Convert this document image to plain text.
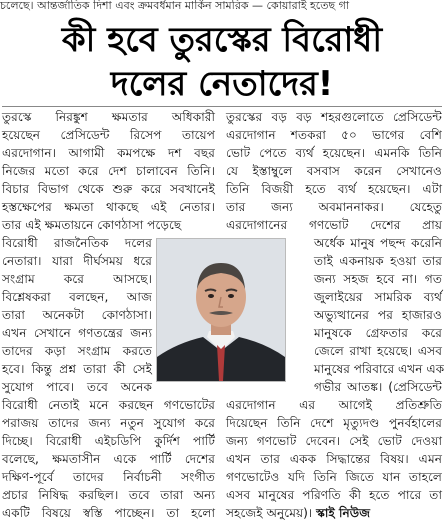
চলেছে। আন্তর্জাতিক দিশা এবং ক্রমবর্ধমান মার্কিন সামরিক — কোয়ারাই হতেছ গা
কী হবে তুরস্কের বিরোধী
দলের নেতাদের!
তুরস্কে নিরঙ্কুশ ক্ষমতার অধিকারী
হয়েছেন প্রেসিডেন্ট রিসেপ তায়েপ
এরদোগান। আগামী কমপক্ষে দশ বছর
নিজের মতো করে দেশ চালাবেন তিনি।
বিচার বিভাগ থেকে শুরু করে সবখানেই
হস্তক্ষেপের ক্ষমতা থাকছে এই নেতার।
তার এই ক্ষমতায়নে কোণঠাসা পড়েছে
বিরোধী রাজনৈতিক দলের
নেতারা। যারা দীর্ঘসময় ধরে
সংগ্রাম করে আসছে।
বিশ্লেষকরা বলছেন, আজ
তারা অনেকটা কোণঠাসা।
এখন সেখানে গণতন্ত্রের জন্য
তাদের কড়া সংগ্রাম করতে
হবে। কিন্তু প্রশ্ন তারা কী সেই
সুযোগ পাবে। তবে অনেক
বিরোধী নেতাই মনে করছেন গণভোটের
পরাজয় তাদের জন্য নতুন সুযোগ করে
দিচ্ছে। বিরোধী এইচডিপি কুর্দিশ পার্টি
বলেছে, ক্ষমতাসীন একে পার্টি দেশের
দক্ষিণ-পূর্বে তাদের নির্বাচনী সংগীত
প্রচার নিষিদ্ধ করছিল। তবে তারা অন্য
একটি বিষয়ে স্বস্তি পাচ্ছেন। তা হলো
তুরস্কের বড় বড় শহরগুলোতে প্রেসিডেন্ট
এরদোগান শতকরা ৫০ ভাগের বেশি
ভোট পেতে ব্যর্থ হয়েছেন। এমনকি তিনি
যে ইস্তাম্বুলে বসবাস করেন সেখানেও
তিনি বিজয়ী হতে ব্যর্থ হয়েছেন। এটা
তার জন্য অবমাননাকর। যেহেতু
এরদোগানের গণভোট দেশের প্রায়
অর্ধেক মানুষ পছন্দ করেনি
তাই একনায়ক হওয়া তার
জন্য সহজ হবে না। গত
জুলাইয়ের সামরিক ব্যর্থ
অভ্যুত্থানের পর হাজারও
মানুষকে গ্রেফতার করে
জেলে রাখা হয়েছে। এসব
মানুষের পরিবারে এখন এক
গভীর আতঙ্ক। (প্রেসিডেন্ট
এরদোগান এর আগেই প্রতিশ্রুতি
দিয়েছেন তিনি দেশে মৃত্যুদণ্ড পুনর্বহালের
জন্য গণভোট দেবেন। সেই ভোট দেওয়া
এখন তার একক সিদ্ধান্তের বিষয়। এমন
গণভোটেও যদি তিনি জিতে যান তাহলে
এসব মানুষের পরিণতি কী হতে পারে তা
সহজেই অনুমেয়)। স্কাই নিউজ
